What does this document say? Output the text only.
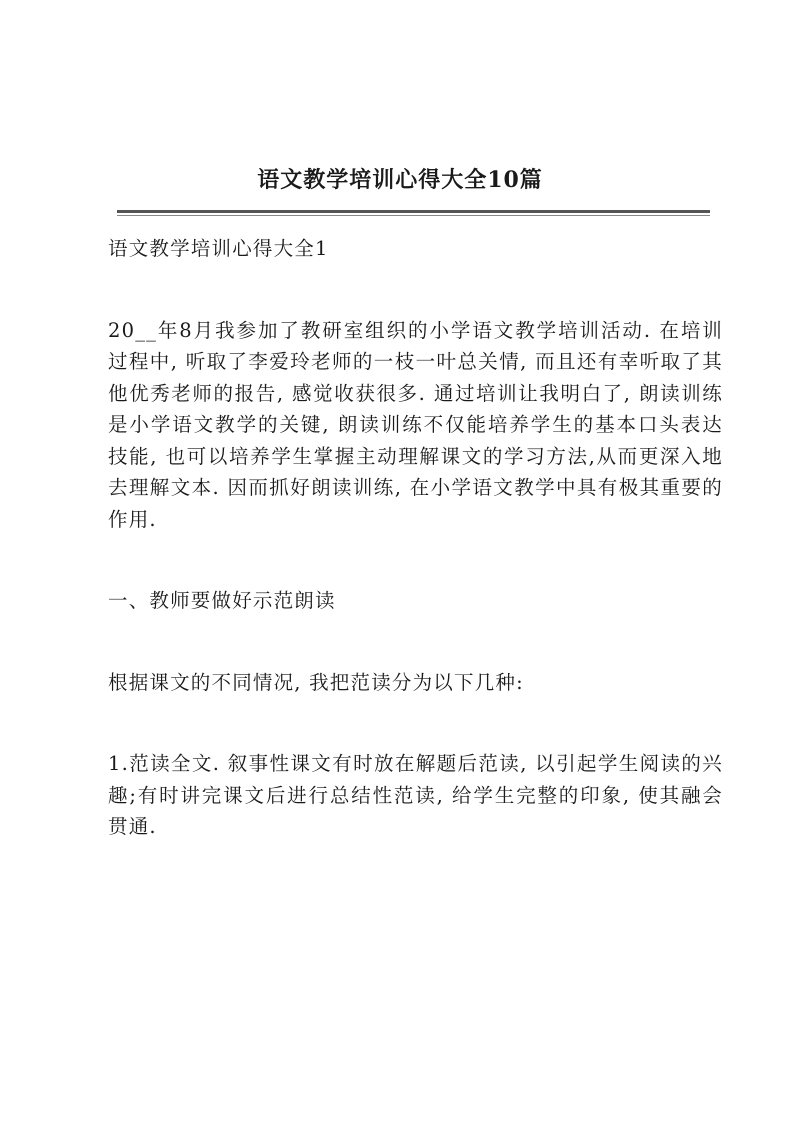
语文教学培训心得大全10篇

语文教学培训心得大全1

20__年8月我参加了教研室组织的小学语文教学培训活动. 在培训过程中, 听取了李爱玲老师的一枝一叶总关情, 而且还有幸听取了其他优秀老师的报告, 感觉收获很多. 通过培训让我明白了, 朗读训练是小学语文教学的关键, 朗读训练不仅能培养学生的基本口头表达技能, 也可以培养学生掌握主动理解课文的学习方法,从而更深入地去理解文本. 因而抓好朗读训练, 在小学语文教学中具有极其重要的作用.

一、教师要做好示范朗读

根据课文的不同情况, 我把范读分为以下几种:

1.范读全文. 叙事性课文有时放在解题后范读, 以引起学生阅读的兴趣;有时讲完课文后进行总结性范读, 给学生完整的印象, 使其融会贯通.
